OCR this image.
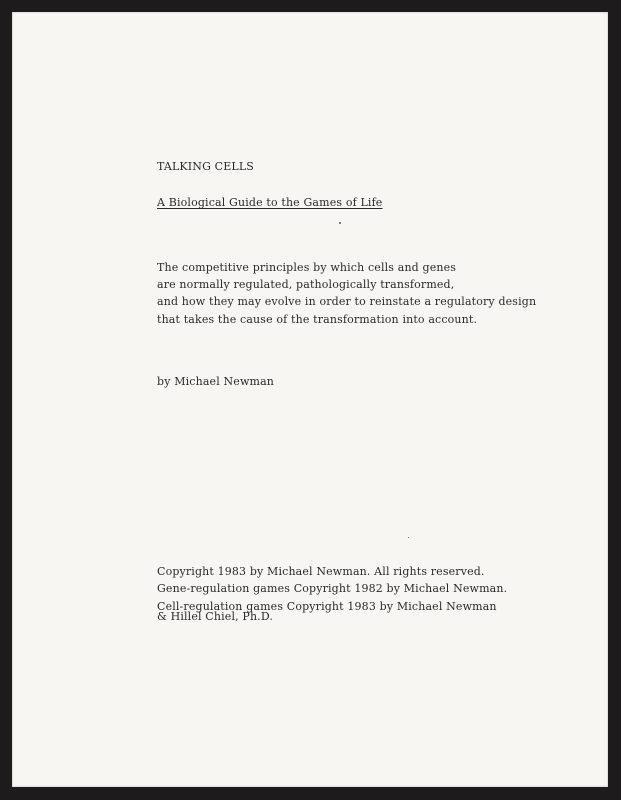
TALKING CELLS
A Biological Guide to the Games of Life
The competitive principles by which cells and genes
are normally regulated, pathologically transformed,
and how they may evolve in order to reinstate a regulatory design
that takes the cause of the transformation into account.
by Michael Newman
Copyright 1983 by Michael Newman. All rights reserved.
Gene-regulation games Copyright 1982 by Michael Newman.
Cell-regulation games Copyright 1983 by Michael Newman
& Hillel Chiel, Ph.D.
